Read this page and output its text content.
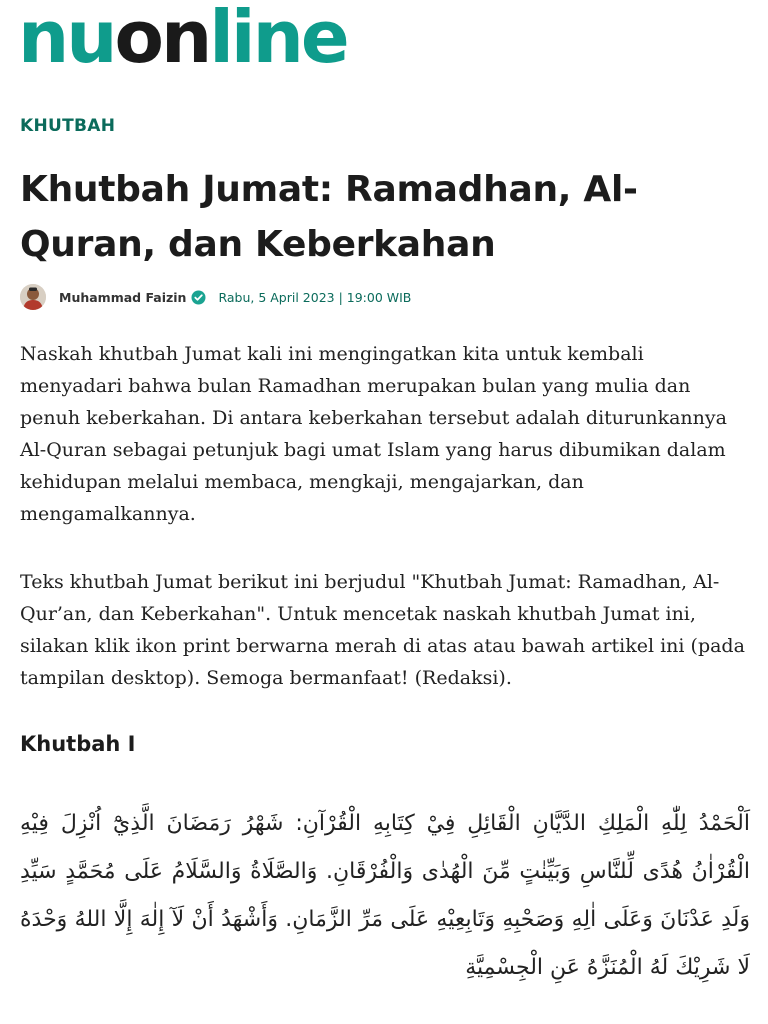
nuonline
KHUTBAH
Khutbah Jumat: Ramadhan, Al-Quran, dan Keberkahan
Muhammad Faizin	Rabu, 5 April 2023 | 19:00 WIB

Naskah khutbah Jumat kali ini mengingatkan kita untuk kembali menyadari bahwa bulan Ramadhan merupakan bulan yang mulia dan penuh keberkahan. Di antara keberkahan tersebut adalah diturunkannya Al-Quran sebagai petunjuk bagi umat Islam yang harus dibumikan dalam kehidupan melalui membaca, mengkaji, mengajarkan, dan mengamalkannya.

Teks khutbah Jumat berikut ini berjudul "Khutbah Jumat: Ramadhan, Al-Qur’an, dan Keberkahan". Untuk mencetak naskah khutbah Jumat ini, silakan klik ikon print berwarna merah di atas atau bawah artikel ini (pada tampilan desktop). Semoga bermanfaat! (Redaksi).

Khutbah I

اَلْحَمْدُ لِلّٰهِ الْمَلِكِ الدَّيَّانِ الْقَائِلِ فِيْ كِتَابِهِ الْقُرْآنِ: شَهْرُ رَمَضَانَ الَّذِيْٓ اُنْزِلَ فِيْهِ الْقُرْاٰنُ هُدًى لِّلنَّاسِ وَبَيِّنٰتٍ مِّنَ الْهُدٰى وَالْفُرْقَانِ. وَالصَّلَاةُ وَالسَّلَامُ عَلَى مُحَمَّدٍ سَيِّدِ وَلَدِ عَدْنَانَ وَعَلَى اٰلِهِ وَصَحْبِهِ وَتَابِعِيْهِ عَلَى مَرِّ الزَّمَانِ. وَأَشْهَدُ أَنْ لَآ إِلٰهَ إِلَّا اللهُ وَحْدَهُ لَا شَرِيْكَ لَهُ الْمُنَزَّهُ عَنِ الْجِسْمِيَّةِ
